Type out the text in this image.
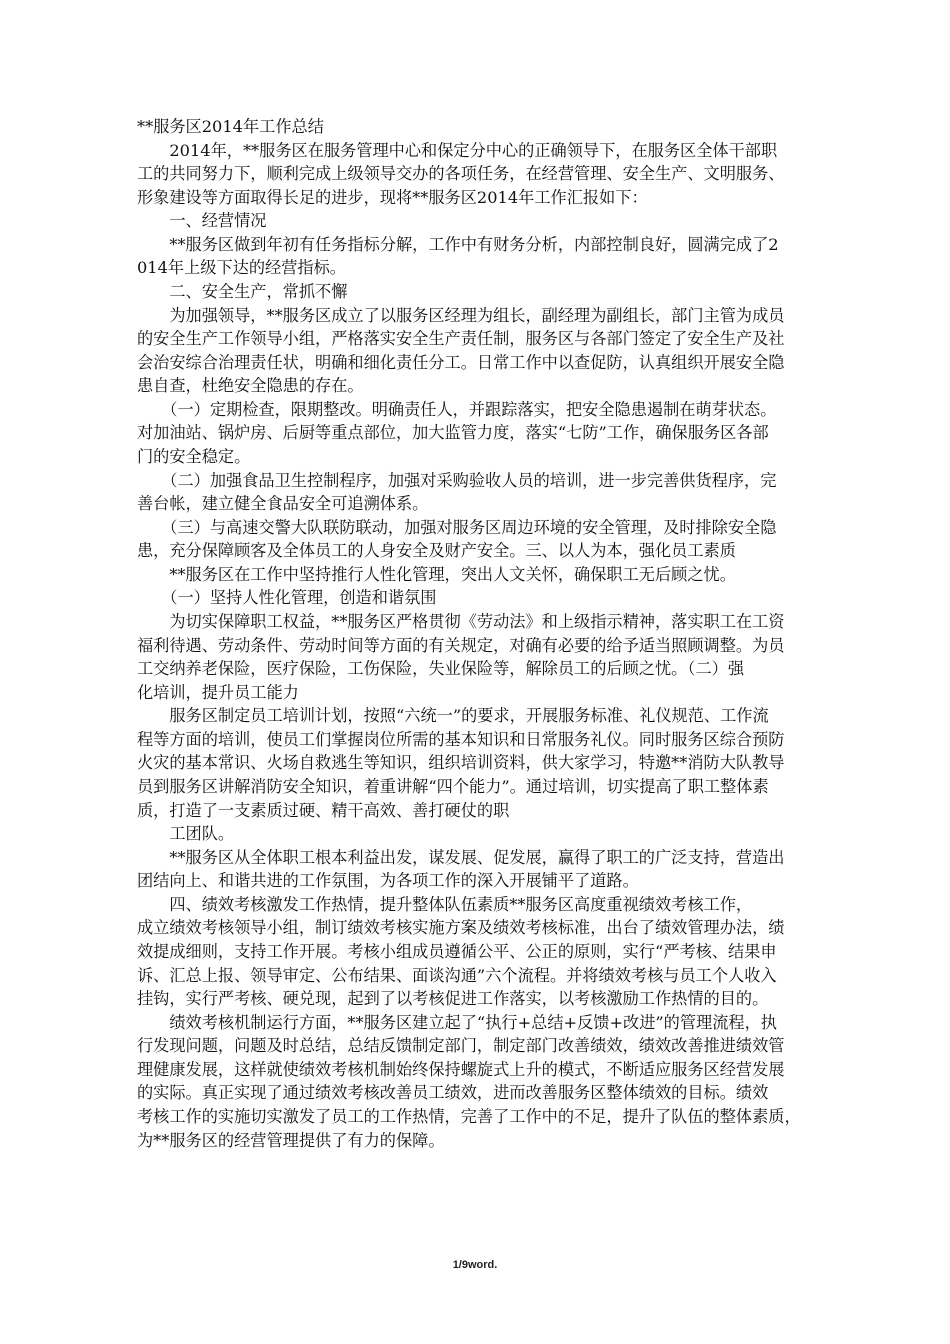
**服务区2014年工作总结
　　2014年，**服务区在服务管理中心和保定分中心的正确领导下，在服务区全体干部职
工的共同努力下，顺利完成上级领导交办的各项任务，在经营管理、安全生产、文明服务、
形象建设等方面取得长足的进步，现将**服务区2014年工作汇报如下：
　　一、经营情况
　　**服务区做到年初有任务指标分解，工作中有财务分析，内部控制良好，圆满完成了2
014年上级下达的经营指标。
　　二、安全生产，常抓不懈
　　为加强领导，**服务区成立了以服务区经理为组长，副经理为副组长，部门主管为成员
的安全生产工作领导小组，严格落实安全生产责任制，服务区与各部门签定了安全生产及社
会治安综合治理责任状，明确和细化责任分工。日常工作中以查促防，认真组织开展安全隐
患自查，杜绝安全隐患的存在。
　　（一）定期检查，限期整改。明确责任人，并跟踪落实，把安全隐患遏制在萌芽状态。
对加油站、锅炉房、后厨等重点部位，加大监管力度，落实“七防”工作，确保服务区各部
门的安全稳定。
　　（二）加强食品卫生控制程序，加强对采购验收人员的培训，进一步完善供货程序，完
善台帐，建立健全食品安全可追溯体系。
　　（三）与高速交警大队联防联动，加强对服务区周边环境的安全管理，及时排除安全隐
患，充分保障顾客及全体员工的人身安全及财产安全。三、以人为本，强化员工素质
　　**服务区在工作中坚持推行人性化管理，突出人文关怀，确保职工无后顾之忧。
　　（一）坚持人性化管理，创造和谐氛围
　　为切实保障职工权益，**服务区严格贯彻《劳动法》和上级指示精神，落实职工在工资
福利待遇、劳动条件、劳动时间等方面的有关规定，对确有必要的给予适当照顾调整。为员
工交纳养老保险，医疗保险，工伤保险，失业保险等，解除员工的后顾之忧。（二）强
化培训，提升员工能力
　　服务区制定员工培训计划，按照“六统一”的要求，开展服务标准、礼仪规范、工作流
程等方面的培训，使员工们掌握岗位所需的基本知识和日常服务礼仪。同时服务区综合预防
火灾的基本常识、火场自救逃生等知识，组织培训资料，供大家学习，特邀**消防大队教导
员到服务区讲解消防安全知识，着重讲解“四个能力”。通过培训，切实提高了职工整体素
质，打造了一支素质过硬、精干高效、善打硬仗的职
　　工团队。
　　**服务区从全体职工根本利益出发，谋发展、促发展，赢得了职工的广泛支持，营造出
团结向上、和谐共进的工作氛围，为各项工作的深入开展铺平了道路。
　　四、绩效考核激发工作热情，提升整体队伍素质**服务区高度重视绩效考核工作，
成立绩效考核领导小组，制订绩效考核实施方案及绩效考核标准，出台了绩效管理办法，绩
效提成细则，支持工作开展。考核小组成员遵循公平、公正的原则，实行“严考核、结果申
诉、汇总上报、领导审定、公布结果、面谈沟通”六个流程。并将绩效考核与员工个人收入
挂钩，实行严考核、硬兑现，起到了以考核促进工作落实，以考核激励工作热情的目的。
　　绩效考核机制运行方面，**服务区建立起了“执行+总结+反馈+改进”的管理流程，执
行发现问题，问题及时总结，总结反馈制定部门，制定部门改善绩效，绩效改善推进绩效管
理健康发展，这样就使绩效考核机制始终保持螺旋式上升的模式，不断适应服务区经营发展
的实际。真正实现了通过绩效考核改善员工绩效，进而改善服务区整体绩效的目标。绩效
考核工作的实施切实激发了员工的工作热情，完善了工作中的不足，提升了队伍的整体素质，
为**服务区的经营管理提供了有力的保障。
1/9word.
